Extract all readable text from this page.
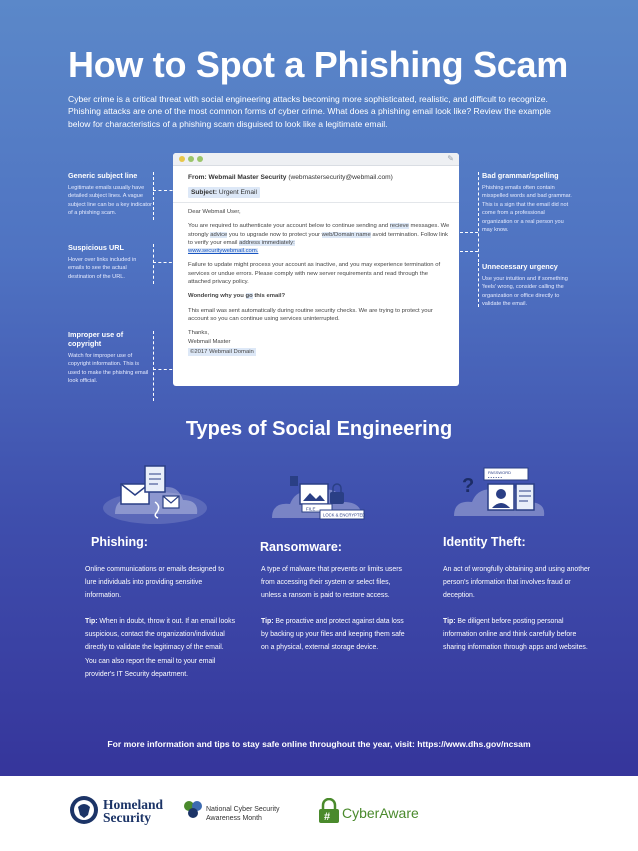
How to Spot a Phishing Scam
Cyber crime is a critical threat with social engineering attacks becoming more sophisticated, realistic, and difficult to recognize. Phishing attacks are one of the most common forms of cyber crime. What does a phishing email look like? Review the example below for characteristics of a phishing scam disguised to look like a legitimate email.
Generic subject line
Legitimate emails usually have detailed subject lines. A vague subject line can be a key indicator of a phishing scam.
Suspicious URL
Hover over links included in emails to see the actual destination of the URL.
Improper use of copyright
Watch for improper use of copyright information. This is used to make the phishing email look official.
Bad grammar/spelling
Phishing emails often contain misspelled words and bad grammar. This is a sign that the email did not come from a professional organization or a real person you may know.
Unnecessary urgency
Use your intuition and if something 'feels' wrong, consider calling the organization or office directly to validate the email.
✎
From: Webmail Master Security (webmastersecurity@webmail.com)
Subject: Urgent Email

Dear Webmail User,

You are required to authenticate your account below to continue sending and recieve messages. We strongly advice you to upgrade now to protect your web/Domain name avoid termination. Follow link to verify your email address immediately:
www.securitywebmail.com.

Failure to update might process your account as inactive, and you may experience termination of services or undue errors. Please comply with new server requirements and read through the attached privacy policy.

Wondering why you go this email?

This email was sent automatically during routine security checks. We are trying to protect your account so you can continue using services uninterrupted.

Thanks,
Webmail Master
©2017 Webmail Domain
Types of Social Engineering
FILE...
LOCK & ENCRYPTED
?
PASSWORD
• • • • • •
Phishing:

Online communications or emails designed to lure individuals into providing sensitive information.

Tip: When in doubt, throw it out. If an email looks suspicious, contact the organization/individual directly to validate the legitimacy of the email. You can also report the email to your email provider's IT Security department.

Ransomware:

A type of malware that prevents or limits users from accessing their system or select files, unless a ransom is paid to restore access.

Tip: Be proactive and protect against data loss by backing up your files and keeping them safe on a physical, external storage device.

Identity Theft:

An act of wrongfully obtaining and using another person's information that involves fraud or deception.

Tip: Be diligent before posting personal information online and think carefully before sharing information through apps and websites.

For more information and tips to stay safe online throughout the year, visit: https://www.dhs.gov/ncsam
Homeland
Security
National Cyber Security
Awareness Month	# CyberAware
